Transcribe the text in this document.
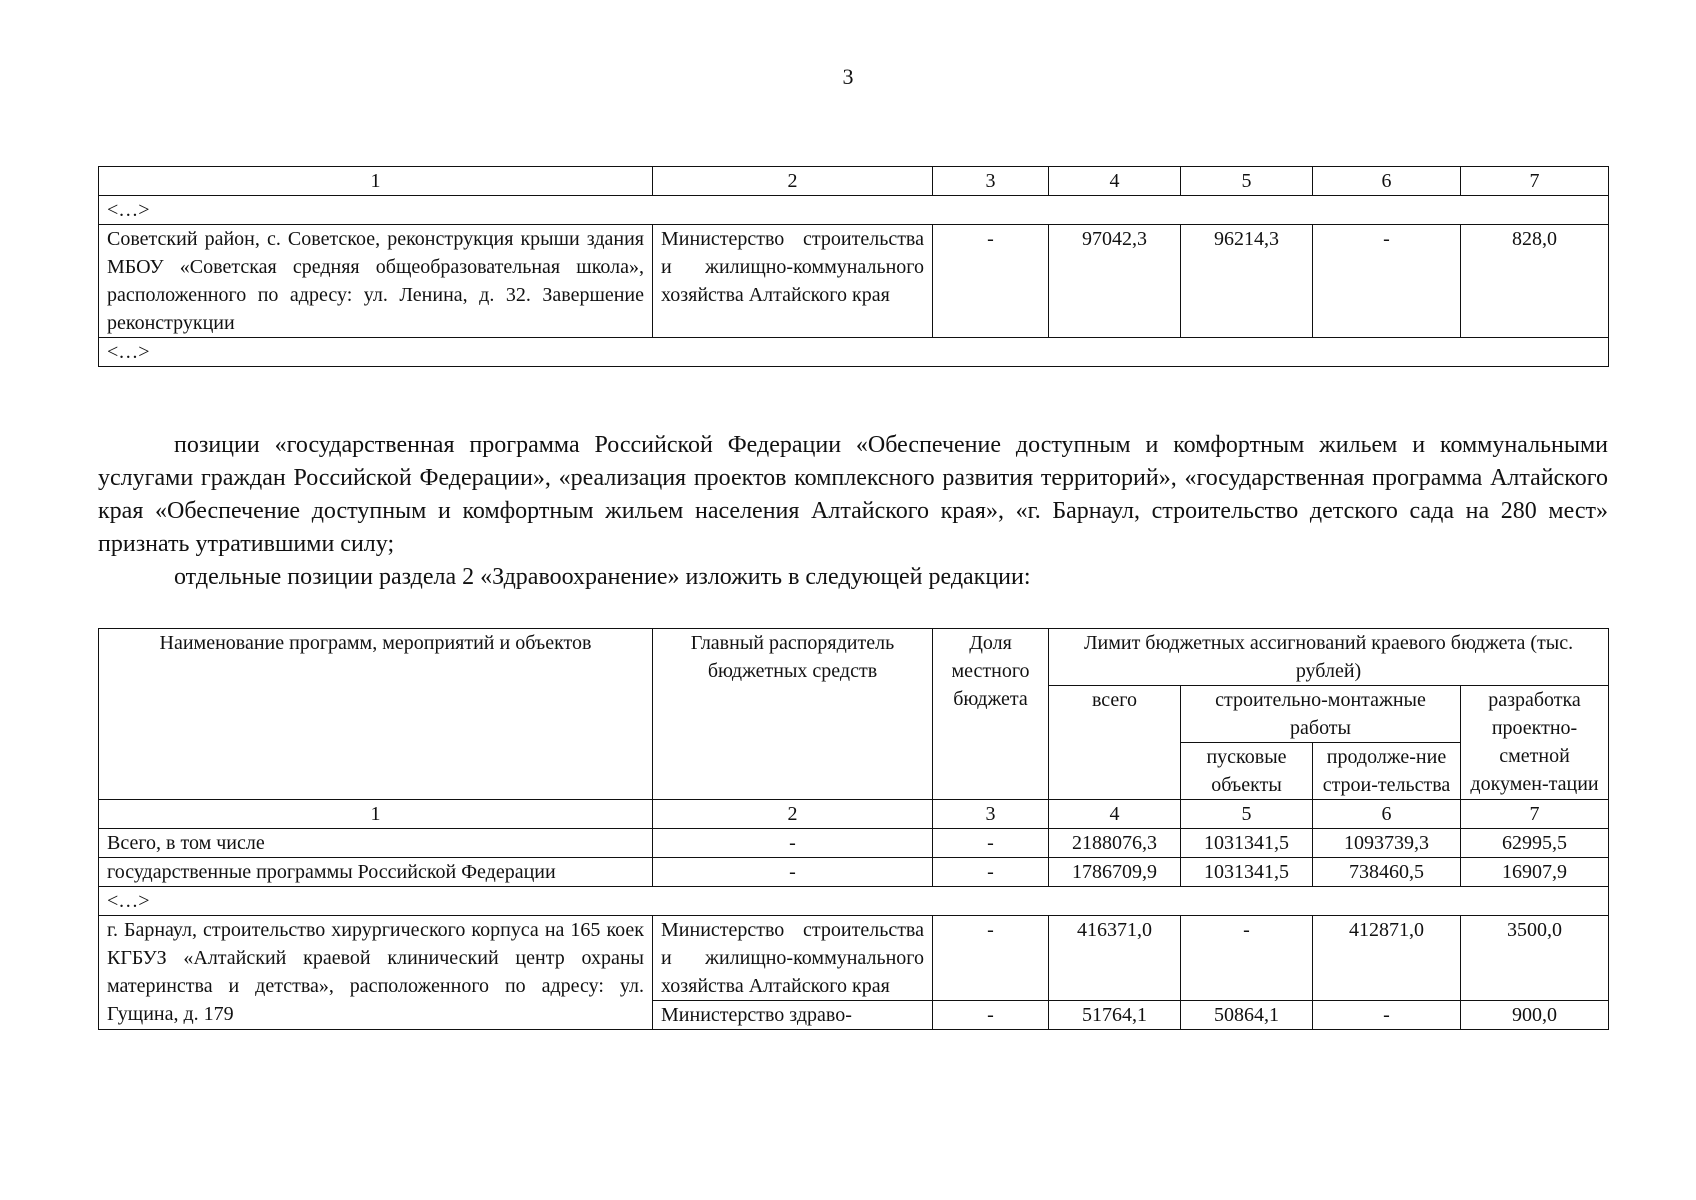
3
1	2	3	4	5	6	7
<…>						
Советский район, с. Советское, реконструкция крыши здания МБОУ «Советская средняя общеобразовательная школа», расположенного по адресу: ул. Ленина, д. 32. Завершение реконструкции	Министерство строительства и жилищно-коммунального хозяйства Алтайского края	-	97042,3	96214,3	-	828,0
<…>						

позиции «государственная программа Российской Федерации «Обеспечение доступным и комфортным жильем и коммунальными услугами граждан Российской Федерации», «реализация проектов комплексного развития территорий», «государственная программа Алтайского края «Обеспечение доступным и комфортным жильем населения Алтайского края», «г. Барнаул, строительство детского сада на 280 мест» признать утратившими силу;

отдельные позиции раздела 2 «Здравоохранение» изложить в следующей редакции:

Наименование программ, мероприятий и объектов	Главный распорядитель бюджетных средств	Доля местного бюджета	Лимит бюджетных ассигнований краевого бюджета (тыс. рублей)			
			всего	строительно-монтажные работы		разработка проектно-сметной докумен-тации
				пусковые объекты	продолже-ние строи-тельства	
1	2	3	4	5	6	7
Всего, в том числе	-	-	2188076,3	1031341,5	1093739,3	62995,5
государственные программы Российской Федерации	-	-	1786709,9	1031341,5	738460,5	16907,9
<…>						
г. Барнаул, строительство хирургического корпуса на 165 коек КГБУЗ «Алтайский краевой клинический центр охраны материнства и детства», расположенного по адресу: ул. Гущина, д. 179	Министерство строительства и жилищно-коммунального хозяйства Алтайского края	-	416371,0	-	412871,0	3500,0
	Министерство здраво-	-	51764,1	50864,1	-	900,0
